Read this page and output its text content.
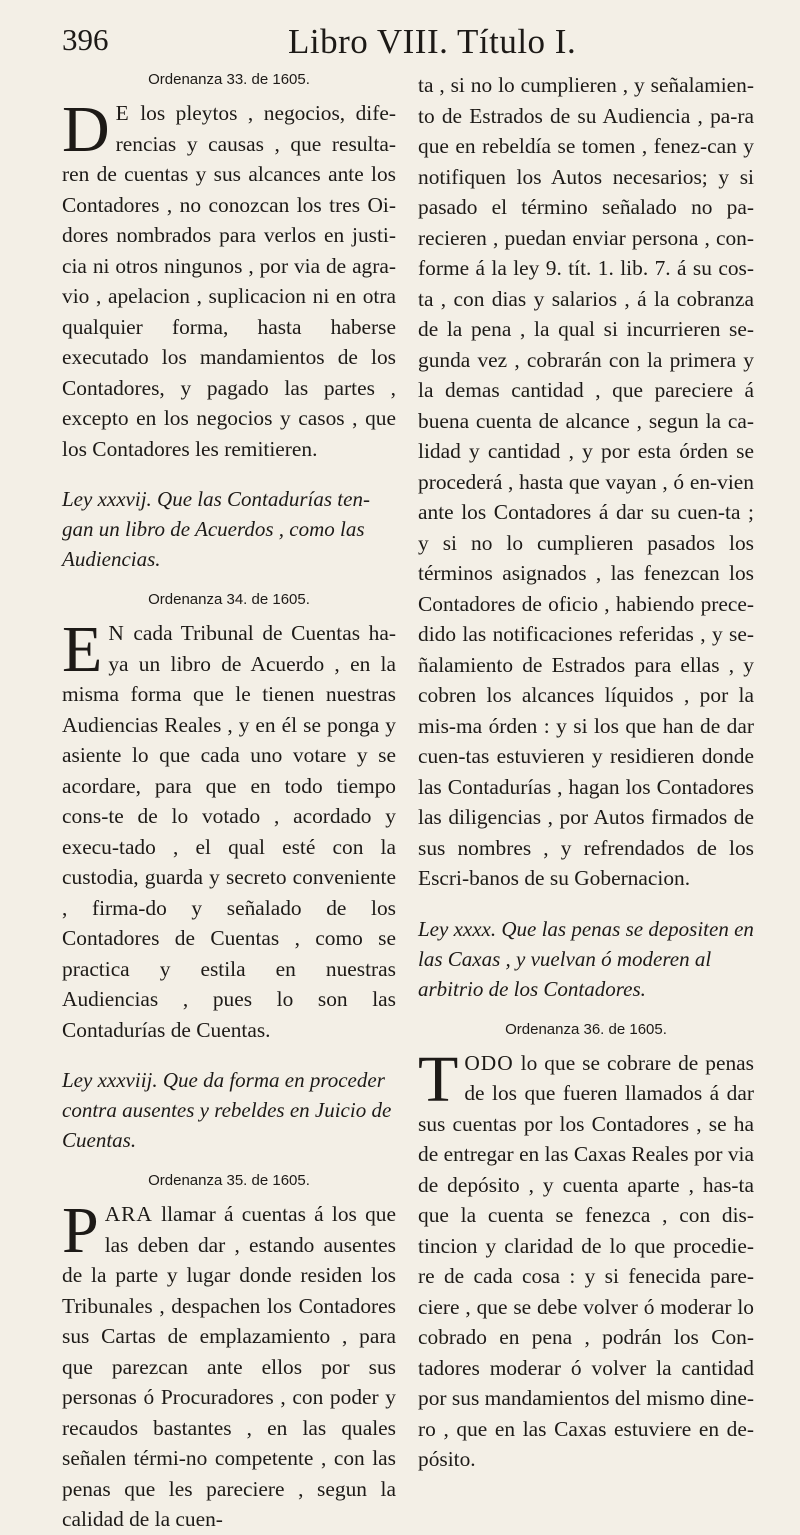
396	Libro VIII. Título I.
Ordenanza 33. de 1605.

D E los pleytos , negocios, dife-rencias y causas , que resulta-ren de cuentas y sus alcances ante los Contadores , no conozcan los tres Oi-dores nombrados para verlos en justi-cia ni otros ningunos , por via de agra-vio , apelacion , suplicacion ni en otra qualquier forma, hasta haberse executado los mandamientos de los Contadores, y pagado las partes , excepto en los negocios y casos , que los Contadores les remitieren.

Ley xxxvij. Que las Contadurías ten-gan un libro de Acuerdos , como las Audiencias.
Ordenanza 34. de 1605.

E N cada Tribunal de Cuentas ha-ya un libro de Acuerdo , en la misma forma que le tienen nuestras Audiencias Reales , y en él se ponga y asiente lo que cada uno votare y se acordare, para que en todo tiempo cons-te de lo votado , acordado y execu-tado , el qual esté con la custodia, guarda y secreto conveniente , firma-do y señalado de los Contadores de Cuentas , como se practica y estila en nuestras Audiencias , pues lo son las Contadurías de Cuentas.

Ley xxxviij. Que da forma en proceder contra ausentes y rebeldes en Juicio de Cuentas.
Ordenanza 35. de 1605.

PARA llamar á cuentas á los que las deben dar , estando ausentes de la parte y lugar donde residen los Tribunales , despachen los Contadores sus Cartas de emplazamiento , para que parezcan ante ellos por sus personas ó Procuradores , con poder y recaudos bastantes , en las quales señalen térmi-no competente , con las penas que les pareciere , segun la calidad de la cuen-

ta , si no lo cumplieren , y señalamien-to de Estrados de su Audiencia , pa-ra que en rebeldía se tomen , fenez-can y notifiquen los Autos necesarios; y si pasado el término señalado no pa-recieren , puedan enviar persona , con-forme á la ley 9. tít. 1. lib. 7. á su cos-ta , con dias y salarios , á la cobranza de la pena , la qual si incurrieren se-gunda vez , cobrarán con la primera y la demas cantidad , que pareciere á buena cuenta de alcance , segun la ca-lidad y cantidad , y por esta órden se procederá , hasta que vayan , ó en-vien ante los Contadores á dar su cuen-ta ; y si no lo cumplieren pasados los términos asignados , las fenezcan los Contadores de oficio , habiendo prece-dido las notificaciones referidas , y se-ñalamiento de Estrados para ellas , y cobren los alcances líquidos , por la mis-ma órden : y si los que han de dar cuen-tas estuvieren y residieren donde las Contadurías , hagan los Contadores las diligencias , por Autos firmados de sus nombres , y refrendados de los Escri-banos de su Gobernacion.

Ley xxxx. Que las penas se depositen en las Caxas , y vuelvan ó moderen al arbitrio de los Contadores.
Ordenanza 36. de 1605.

TODO lo que se cobrare de penas de los que fueren llamados á dar sus cuentas por los Contadores , se ha de entregar en las Caxas Reales por via de depósito , y cuenta aparte , has-ta que la cuenta se fenezca , con dis-tincion y claridad de lo que procedie-re de cada cosa : y si fenecida pare-ciere , que se debe volver ó moderar lo cobrado en pena , podrán los Con-tadores moderar ó volver la cantidad por sus mandamientos del mismo dine-ro , que en las Caxas estuviere en de-pósito.
